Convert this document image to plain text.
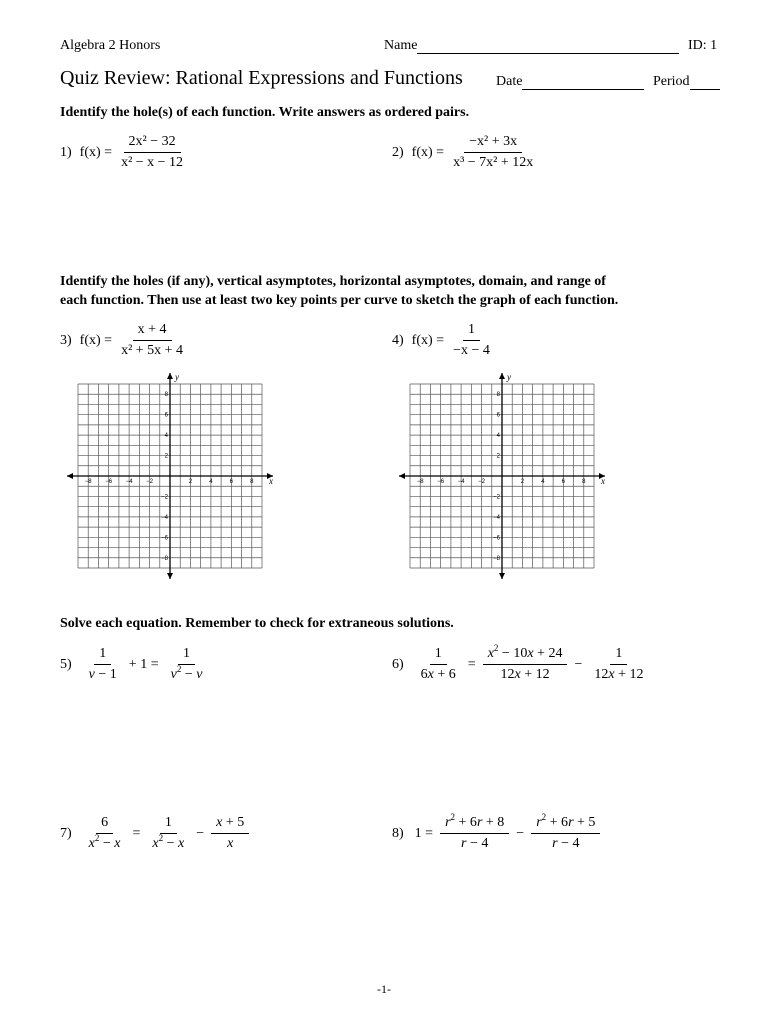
Algebra 2 Honors	Name	ID: 1
Quiz Review: Rational Expressions and Functions Date	Period
Identify the hole(s) of each function. Write answers as ordered pairs.
1) $f(x) = \frac{\text{2x² − 32}}{\text{x² − x − 12}}$	2) $f(x) = \frac{\text{−x² + 3x}}{\text{x³ − 7x² + 12x}}$
Identify the holes (if any), vertical asymptotes, horizontal asymptotes, domain, and range of
each function. Then use at least two key points per curve to sketch the graph of each function.
3) $f(x) = \frac{x + 4}{\text{x² + 5x + 4}}$	4) $f(x) = \frac{1}{-x - 4}$
−8 −6 −4 −2	2	4	6	8
8
6
4
2
−2
−4
−6
−8
x
y
−8 −6 −4 −2	2	4	6	8
8
6
4
2
−2
−4
−6
−8
x
y
Solve each equation. Remember to check for extraneous solutions.
$5) \frac{1}{v - 1} + 1 = \frac{1}{v^2 - v}$	$6) \frac{1}{6x + 6} = \frac{x^2 - 10x + 24}{12x + 12} - \frac{1}{12x + 12}$
$7) \frac{6}{x^2 - x} = \frac{1}{x^2 - x} - \frac{x + 5}{x}$	8) $1 = \frac{r^2 + 6r + 8}{r - 4} - \frac{r^2 + 6r + 5}{r - 4}$
-1-
